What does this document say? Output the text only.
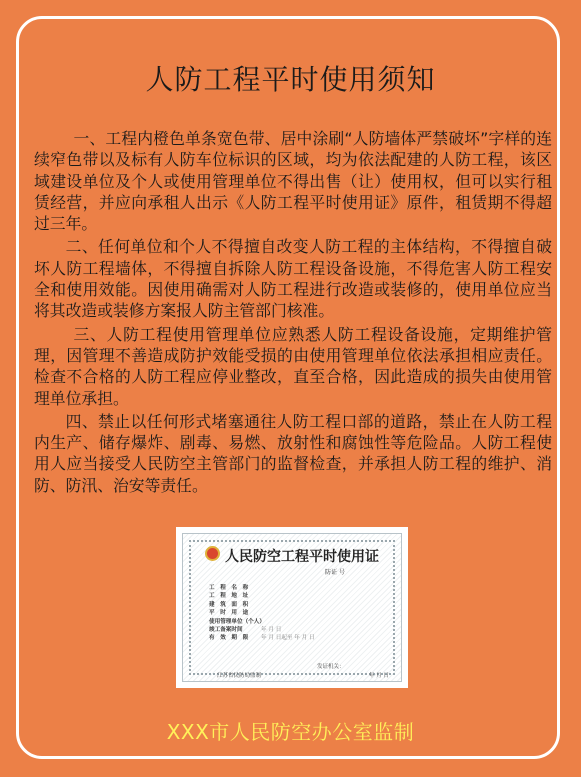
人防工程平时使用须知

一、工程内橙色单条宽色带、居中涂刷“人防墙体严禁破坏”字样的连续窄色带以及标有人防车位标识的区域，均为依法配建的人防工程，该区域建设单位及个人或使用管理单位不得出售（让）使用权，但可以实行租赁经营，并应向承租人出示《人防工程平时使用证》原件，租赁期不得超过三年。

二、任何单位和个人不得擅自改变人防工程的主体结构，不得擅自破坏人防工程墙体，不得擅自拆除人防工程设备设施，不得危害人防工程安全和使用效能。因使用确需对人防工程进行改造或装修的，使用单位应当将其改造或装修方案报人防主管部门核准。

三、人防工程使用管理单位应熟悉人防工程设备设施，定期维护管理，因管理不善造成防护效能受损的由使用管理单位依法承担相应责任。检查不合格的人防工程应停业整改，直至合格，因此造成的损失由使用管理单位承担。

四、禁止以任何形式堵塞通往人防工程口部的道路，禁止在人防工程内生产、储存爆炸、剧毒、易燃、放射性和腐蚀性等危险品。人防工程使用人应当接受人民防空主管部门的监督检查，并承担人防工程的维护、消防、防汛、治安等责任。

人民防空工程平时使用证
防证 号
工　程　名　称
工　程　地　址
建　筑　面　积
平　时　用　途
使用管理单位（个人）
竣工备案时间	年 月 日
有　效　期　限	年 月 日起至 年 月 日
发证机关：
江苏省民防局监制	年 月 日
XXX市人民防空办公室监制
